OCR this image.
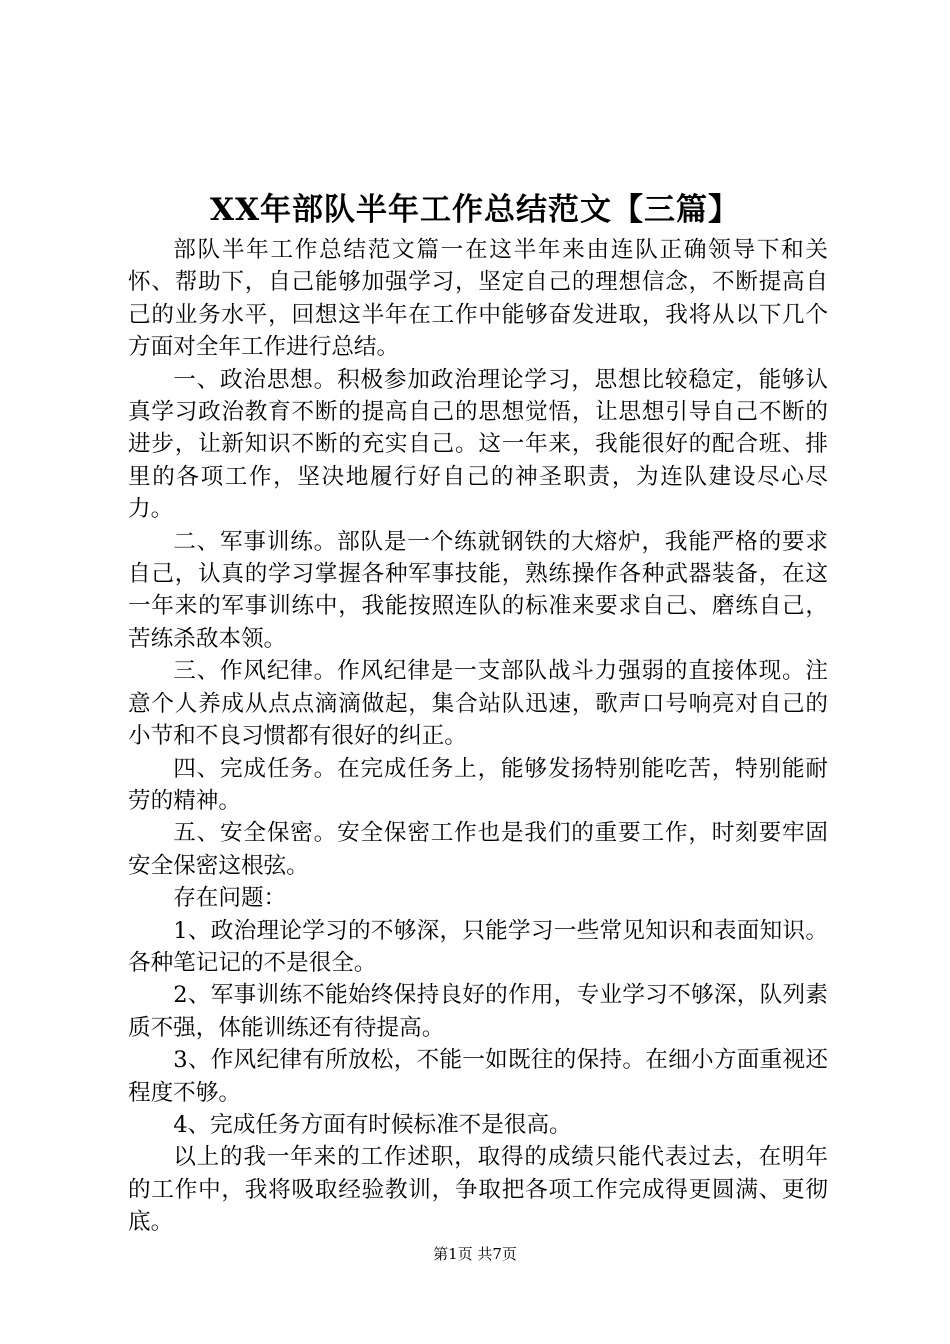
XX年部队半年工作总结范文【三篇】

部队半年工作总结范文篇一在这半年来由连队正确领导下和关怀、帮助下，自己能够加强学习，坚定自己的理想信念，不断提高自己的业务水平，回想这半年在工作中能够奋发进取，我将从以下几个方面对全年工作进行总结。

一、政治思想。积极参加政治理论学习，思想比较稳定，能够认真学习政治教育不断的提高自己的思想觉悟，让思想引导自己不断的进步，让新知识不断的充实自己。这一年来，我能很好的配合班、排里的各项工作，坚决地履行好自己的神圣职责，为连队建设尽心尽力。

二、军事训练。部队是一个练就钢铁的大熔炉，我能严格的要求自己，认真的学习掌握各种军事技能，熟练操作各种武器装备，在这一年来的军事训练中，我能按照连队的标准来要求自己、磨练自己，苦练杀敌本领。

三、作风纪律。作风纪律是一支部队战斗力强弱的直接体现。注意个人养成从点点滴滴做起，集合站队迅速，歌声口号响亮对自己的小节和不良习惯都有很好的纠正。

四、完成任务。在完成任务上，能够发扬特别能吃苦，特别能耐劳的精神。

五、安全保密。安全保密工作也是我们的重要工作，时刻要牢固安全保密这根弦。

存在问题：

1、政治理论学习的不够深，只能学习一些常见知识和表面知识。各种笔记记的不是很全。

2、军事训练不能始终保持良好的作用，专业学习不够深，队列素质不强，体能训练还有待提高。

3、作风纪律有所放松，不能一如既往的保持。在细小方面重视还程度不够。

4、完成任务方面有时候标准不是很高。

以上的我一年来的工作述职，取得的成绩只能代表过去，在明年的工作中，我将吸取经验教训，争取把各项工作完成得更圆满、更彻底。

第1页 共7页
